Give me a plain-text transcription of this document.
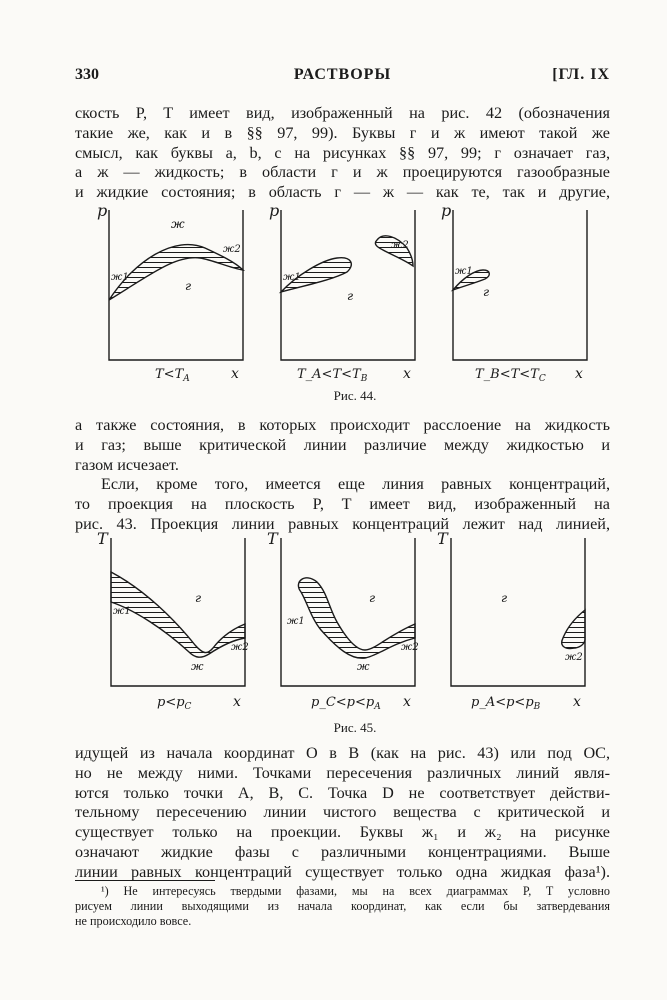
330	РАСТВОРЫ	[ГЛ. IX

скость P, T имеет вид, изображенный на рис. 42 (обозначения
такие же, как и в §§ 97, 99). Буквы г и ж имеют такой же
смысл, как буквы a, b, c на рисунках §§ 97, 99; г означает газ,
а ж — жидкость; в области г и ж проецируются газообразные
и жидкие состояния; в область г — ж — как те, так и другие,

p
ж
г
ж1
ж2
$T<T_A$	x
p
г
ж1
ж2
$T\_A<T<T_B$	x
p
г
ж1
$T\_B<T<T_C$ x
Рис. 44.

а также состояния, в которых происходит расслоение на жидкость
и газ; выше критической линии различие между жидкостью и
газом исчезает.

Если, кроме того, имеется еще линия равных концентраций,
то проекция на плоскость P, T имеет вид, изображенный на
рис. 43. Проекция линии равных концентраций лежит над линией,

T
г
ж
ж1
ж2
$p<p_C$	x
T
г
ж
ж1
ж2
$p\_C<p<p_A$ x
T
г
ж2
$p\_A<p<p_B$ x
Рис. 45.

идущей из начала координат O в B (как на рис. 43) или под OC,
но не между ними. Точками пересечения различных линий явля-
ются только точки A, B, C. Точка D не соответствует действи-
тельному пересечению линии чистого вещества с критической и
существует только на проекции. Буквы ж₁ и ж₂ на рисунке
означают жидкие фазы с различными концентрациями. Выше
линии равных концентраций существует только одна жидкая фаза¹).

¹) Не интересуясь твердыми фазами, мы на всех диаграммах P, T условно
рисуем линии выходящими из начала координат, как если бы затвердевания
не происходило вовсе.
